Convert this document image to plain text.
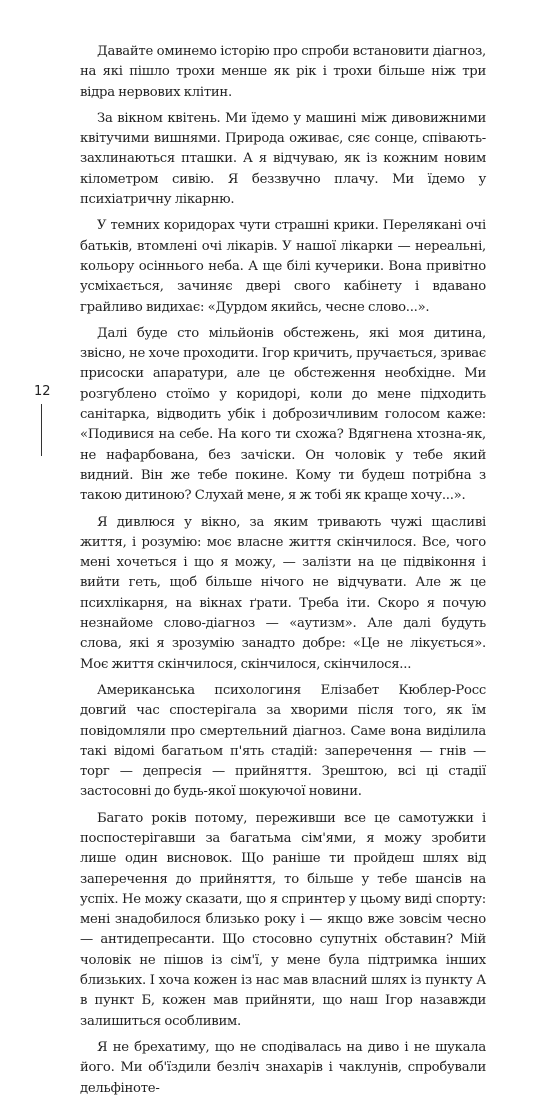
Давайте оминемо історію про спроби встановити діагноз, на які пішло трохи менше як рік і трохи більше ніж три відра нервових клітин.

За вікном квітень. Ми їдемо у машині між дивовижними квітучими вишнями. Природа оживає, сяє сонце, співають-захлинаються пташки. А я відчуваю, як із кожним новим кілометром сивію. Я беззвучно плачу. Ми їдемо у психіатричну лікарню.

У темних коридорах чути страшні крики. Переляканi очі батьків, втомлені очі лікарів. У нашої лікарки — нереальні, кольору осіннього неба. А ще білі кучерики. Вона привітно усміхається, зачиняє двері свого кабінету і вдавано грайливо видихає: «Дурдом якийсь, чесне слово...».

Далі буде сто мільйонів обстежень, які моя дитина, звісно, не хоче проходити. Ігор кричить, пручається, зриває присоски апаратури, але це обстеження необхідне. Ми розгублено стоїмо у коридорі, коли до мене підходить санітарка, відводить убік і доброзичливим голосом каже: «Подивися на себе. На кого ти схожа? Вдягнена хтозна-як, не нафарбована, без зачіски. Он чоловік у тебе який видний. Він же тебе покине. Кому ти будеш потрібна з такою дитиною? Слухай мене, я ж тобі як краще хочу...».

Я дивлюся у вікно, за яким тривають чужі щасливі життя, і розумію: моє власне життя скінчилося. Все, чого мені хочеться і що я можу, — залізти на це підвіконня і вийти геть, щоб більше нічого не відчувати. Але ж це психлікарня, на вікнах ґрати. Треба іти. Скоро я почую незнайоме слово-діагноз — «аутизм». Але далі будуть слова, які я зрозумію занадто добре: «Це не лікується». Моє життя скінчилося, скінчилося, скінчилося...

Американська психологиня Елізабет Кюблер-Росс довгий час спостерігала за хворими після того, як їм повідомляли про смертельний діагноз. Саме вона виділила такі відомі багатьом п'ять стадій: заперечення — гнів — торг — депресія — прийняття. Зрештою, всі ці стадії застосовні до будь-якої шокуючої новини.

Багато років потому, переживши все це самотужки і поспостерігавши за багатьма сім'ями, я можу зробити лише один висновок. Що раніше ти пройдеш шлях від заперечення до прийняття, то більше у тебе шансів на успіх. Не можу сказати, що я спринтер у цьому виді спорту: мені знадобилося близько року і — якщо вже зовсім чесно — антидепресанти. Що стосовно супутніх обставин? Мій чоловік не пішов із сім'ї, у мене була підтримка інших близьких. І хоча кожен із нас мав власний шлях із пункту А в пункт Б, кожен мав прийняти, що наш Ігор назавжди залишиться особливим.

Я не брехатиму, що не сподівалась на диво і не шукала його. Ми об'їздили безліч знахарів і чаклунів, спробували дельфіноте-

12
